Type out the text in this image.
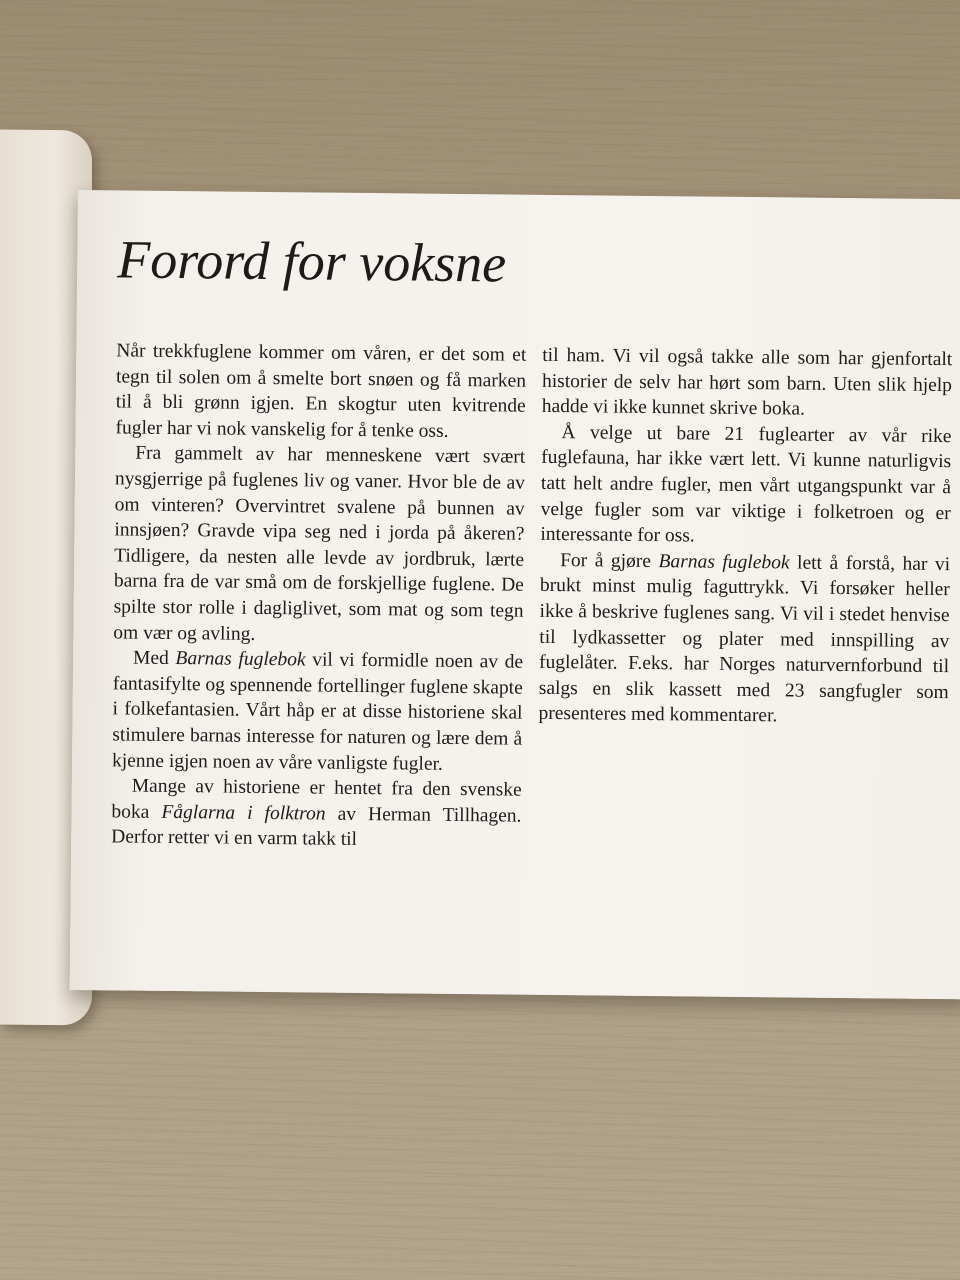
Forord for voksne

Når trekkfuglene kommer om våren, er det som et tegn til solen om å smelte bort snøen og få marken til å bli grønn igjen. En skogtur uten kvitrende fugler har vi nok vanskelig for å tenke oss.

Fra gammelt av har menneskene vært svært nysgjerrige på fuglenes liv og vaner. Hvor ble de av om vinteren? Overvintret svalene på bunnen av innsjøen? Gravde vipa seg ned i jorda på åkeren? Tidligere, da nesten alle levde av jordbruk, lærte barna fra de var små om de forskjellige fuglene. De spilte stor rolle i dagliglivet, som mat og som tegn om vær og avling.

Med Barnas fuglebok vil vi formidle noen av de fantasifylte og spennende fortellinger fuglene skapte i folkefantasien. Vårt håp er at disse historiene skal stimulere barnas interesse for naturen og lære dem å kjenne igjen noen av våre vanligste fugler.

Mange av historiene er hentet fra den svenske boka Fåglarna i folktron av Herman Tillhagen. Derfor retter vi en varm takk til

til ham. Vi vil også takke alle som har gjenfortalt historier de selv har hørt som barn. Uten slik hjelp hadde vi ikke kunnet skrive boka.

Å velge ut bare 21 fuglearter av vår rike fuglefauna, har ikke vært lett. Vi kunne naturligvis tatt helt andre fugler, men vårt utgangspunkt var å velge fugler som var viktige i folketroen og er interessante for oss.

For å gjøre Barnas fuglebok lett å forstå, har vi brukt minst mulig faguttrykk. Vi forsøker heller ikke å beskrive fuglenes sang. Vi vil i stedet henvise til lydkassetter og plater med innspilling av fuglelåter. F.eks. har Norges naturvernforbund til salgs en slik kassett med 23 sangfugler som presenteres med kommentarer.
